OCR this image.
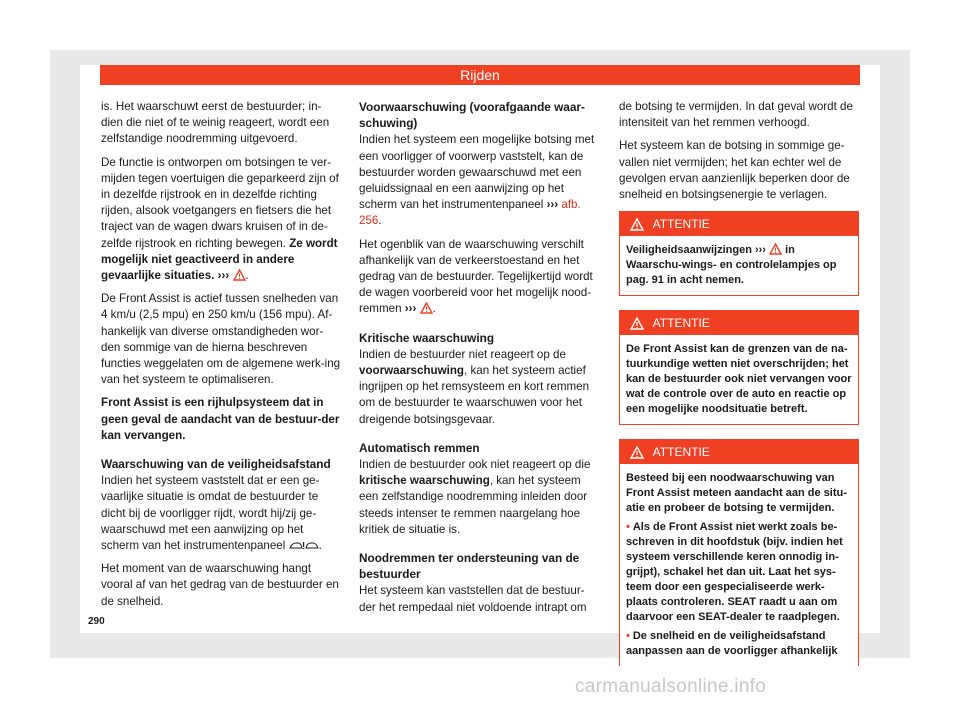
Rijden

is. Het waarschuwt eerst de bestuurder; in-dien die niet of te weinig reageert, wordt een zelfstandige noodremming uitgevoerd.

De functie is ontworpen om botsingen te ver-mijden tegen voertuigen die geparkeerd zijn of in dezelfde rijstrook en in dezelfde richting rijden, alsook voetgangers en fietsers die het traject van de wagen dwars kruisen of in de-zelfde rijstrook en richting bewegen. Ze wordt mogelijk niet geactiveerd in andere gevaarlijke situaties. ››› .

De Front Assist is actief tussen snelheden van 4 km/u (2,5 mpu) en 250 km/u (156 mpu). Af-hankelijk van diverse omstandigheden wor-den sommige van de hierna beschreven functies weggelaten om de algemene werk-ing van het systeem te optimaliseren.

Front Assist is een rijhulpsysteem dat in geen geval de aandacht van de bestuur-der kan vervangen.

Waarschuwing van de veiligheidsafstand

Indien het systeem vaststelt dat er een ge-vaarlijke situatie is omdat de bestuurder te dicht bij de voorligger rijdt, wordt hij/zij ge-waarschuwd met een aanwijzing op het scherm van het instrumentenpaneel	.

Het moment van de waarschuwing hangt vooral af van het gedrag van de bestuurder en de snelheid.

Voorwaarschuwing (voorafgaande waar-schuwing)

Indien het systeem een mogelijke botsing met een voorligger of voorwerp vaststelt, kan de bestuurder worden gewaarschuwd met een geluidssignaal en een aanwijzing op het scherm van het instrumentenpaneel ››› afb. 256.

Het ogenblik van de waarschuwing verschilt afhankelijk van de verkeerstoestand en het gedrag van de bestuurder. Tegelijkertijd wordt de wagen voorbereid voor het mogelijk nood-remmen ››› .

Kritische waarschuwing

Indien de bestuurder niet reageert op de voorwaarschuwing, kan het systeem actief ingrijpen op het remsysteem en kort remmen om de bestuurder te waarschuwen voor het dreigende botsingsgevaar.

Automatisch remmen

Indien de bestuurder ook niet reageert op die kritische waarschuwing, kan het systeem een zelfstandige noodremming inleiden door steeds intenser te remmen naargelang hoe kritiek de situatie is.

Noodremmen ter ondersteuning van de bestuurder

Het systeem kan vaststellen dat de bestuur-der het rempedaal niet voldoende intrapt om

de botsing te vermijden. In dat geval wordt de intensiteit van het remmen verhoogd.

Het systeem kan de botsing in sommige ge-vallen niet vermijden; het kan echter wel de gevolgen ervan aanzienlijk beperken door de snelheid en botsingsenergie te verlagen.

ATTENTIE
Veiligheidsaanwijzingen ››› in Waarschu-wings- en controlelampjes op pag. 91 in acht nemen.
ATTENTIE
De Front Assist kan de grenzen van de na-tuurkundige wetten niet overschrijden; het kan de bestuurder ook niet vervangen voor wat de controle over de auto en reactie op een mogelijke noodsituatie betreft.
ATTENTIE
Besteed bij een noodwaarschuwing van Front Assist meteen aandacht aan de situ-atie en probeer de botsing te vermijden.
• Als de Front Assist niet werkt zoals be-schreven in dit hoofdstuk (bijv. indien het systeem verschillende keren onnodig in-grijpt), schakel het dan uit. Laat het sys-teem door een gespecialiseerde werk-plaats controleren. SEAT raadt u aan om daarvoor een SEAT-dealer te raadplegen.
• De snelheid en de veiligheidsafstand aanpassen aan de voorligger afhankelijk
290
carmanualsonline.info
